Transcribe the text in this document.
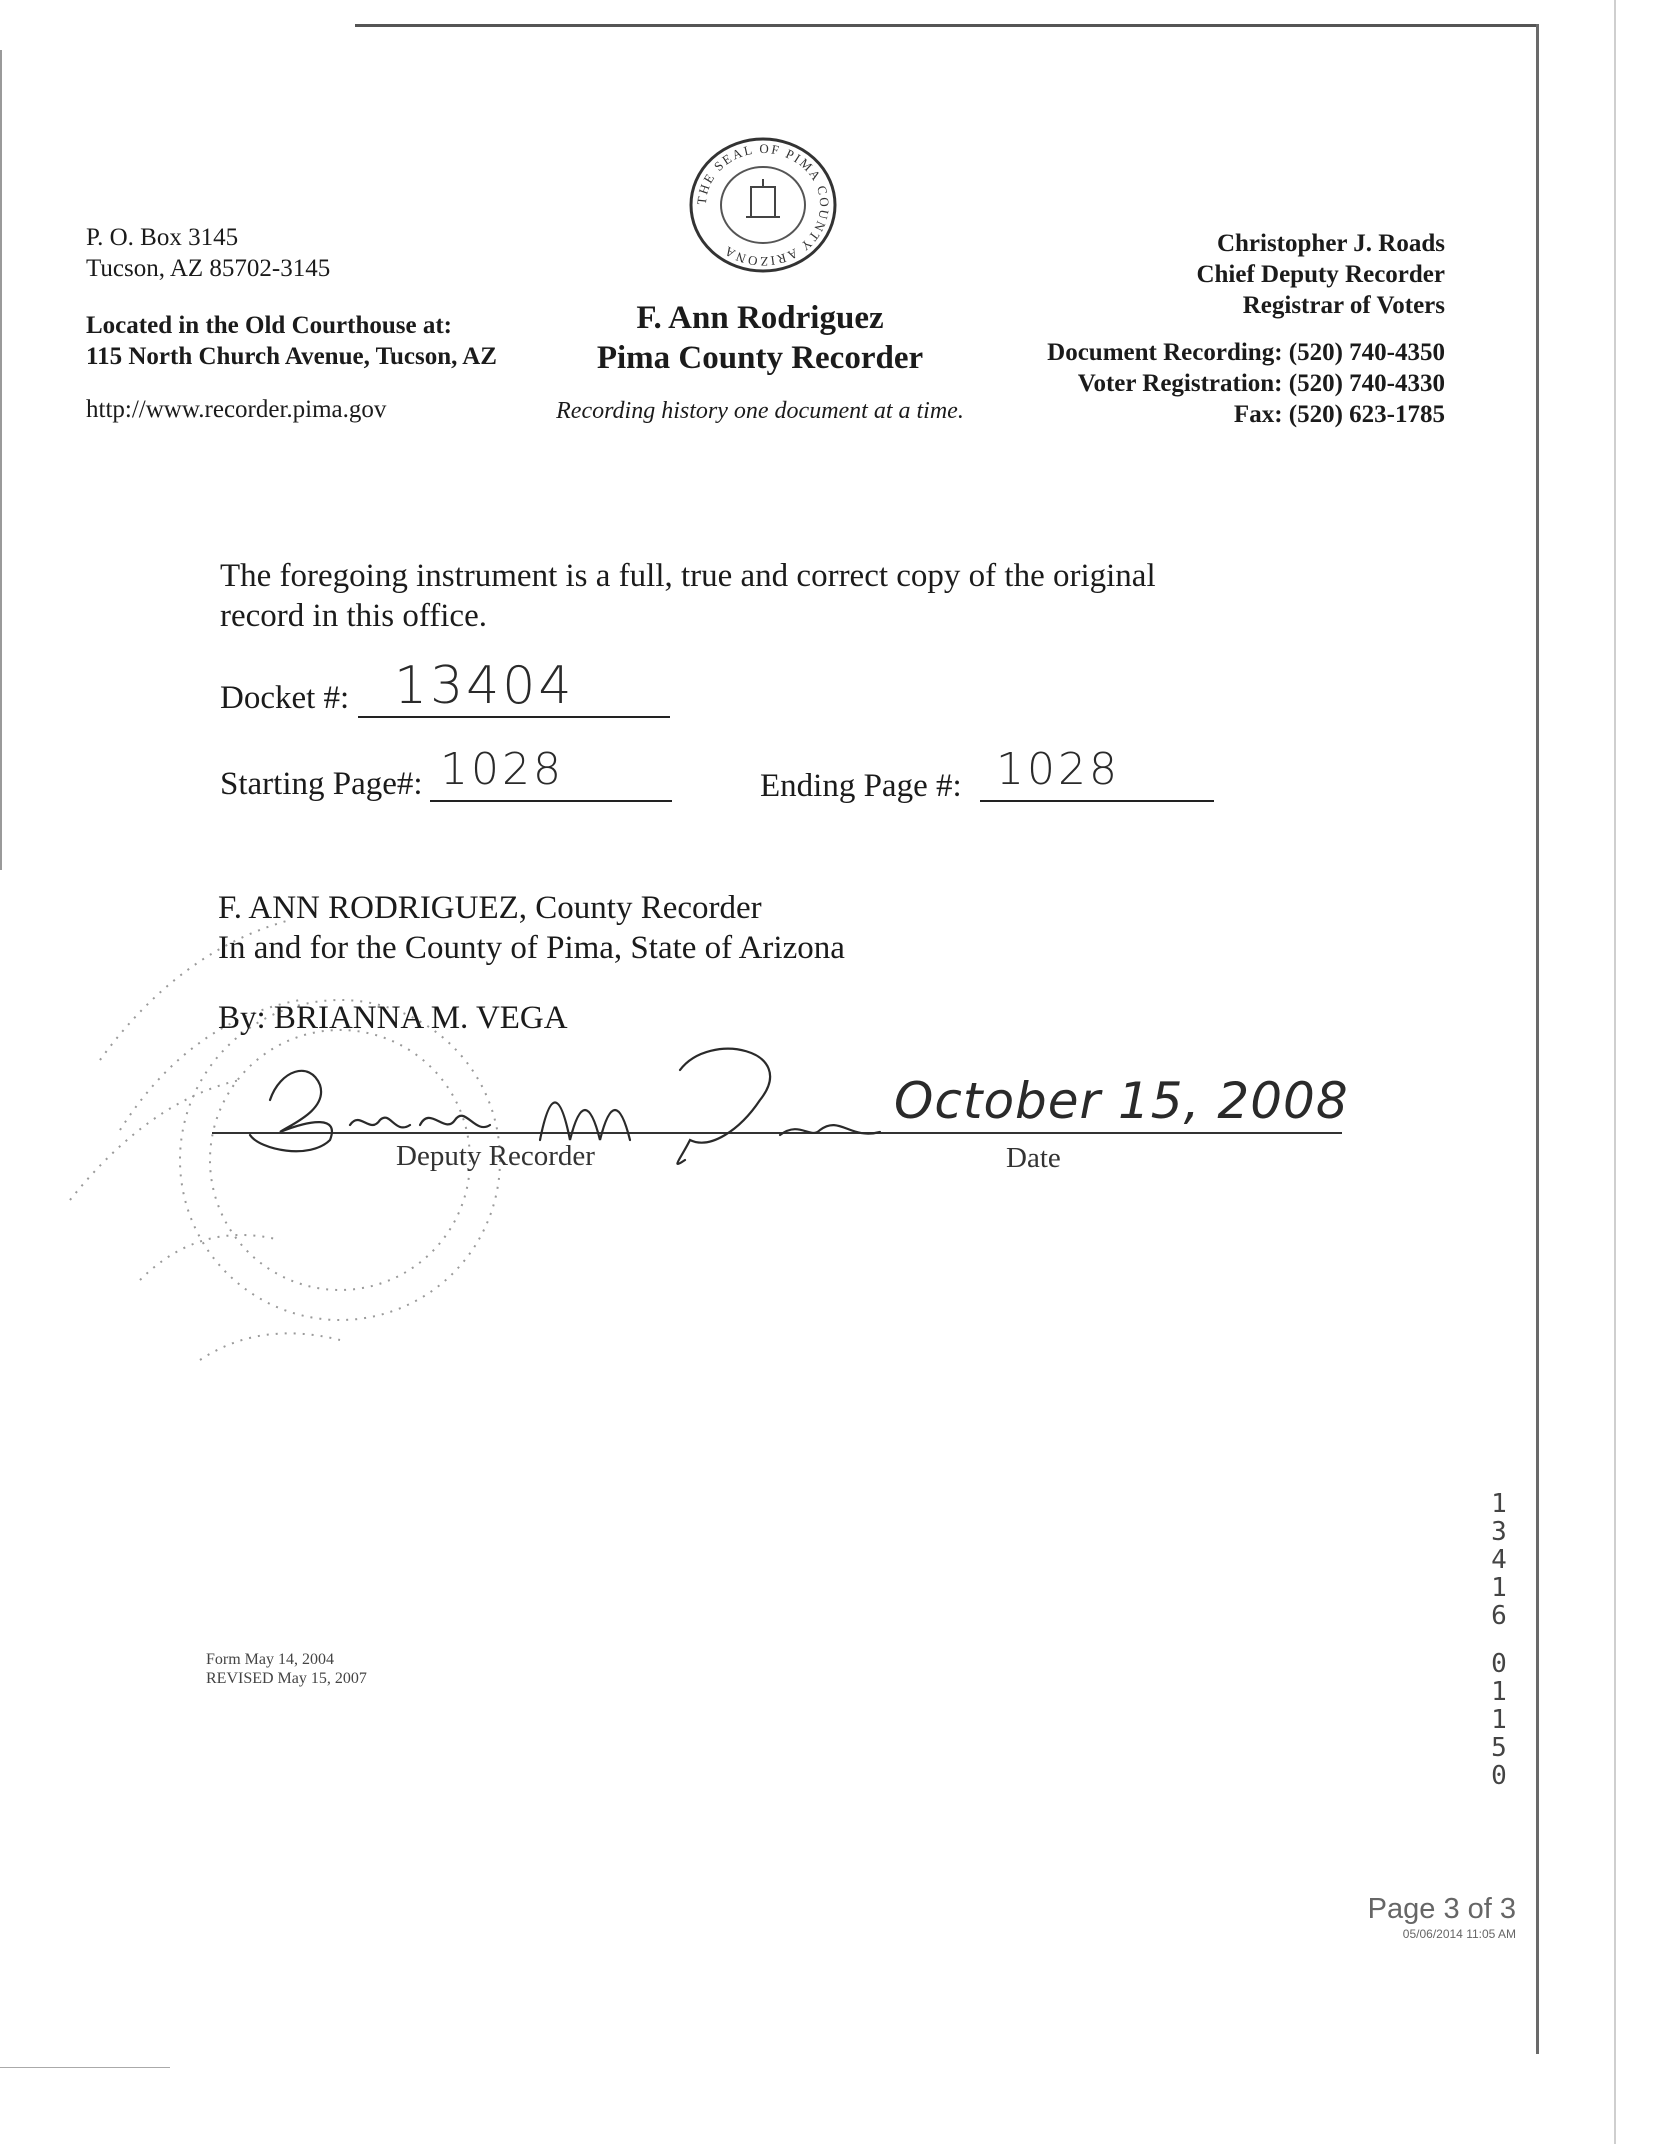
P. O. Box 3145
Tucson, AZ 85702-3145
Located in the Old Courthouse at:
115 North Church Avenue, Tucson, AZ
http://www.recorder.pima.gov
THE SEAL OF PIMA COUNTY ARIZONA
F. Ann Rodriguez
Pima County Recorder
Recording history one document at a time.
Christopher J. Roads
Chief Deputy Recorder
Registrar of Voters
Document Recording: (520) 740-4350
Voter Registration: (520) 740-4330
Fax: (520) 623-1785
The foregoing instrument is a full, true and correct copy of the original
record in this office.
Docket #: 13404
Starting Page#: 1028	Ending Page #: 1028
F. ANN RODRIGUEZ, County Recorder
In and for the County of Pima, State of Arizona
By: BRIANNA M. VEGA
October 15, 2008
Deputy Recorder	Date
Form May 14, 2004
REVISED May 15, 2007
1
3
4
1
6
0
1
1
5
0
Page 3 of 3
05/06/2014 11:05 AM
